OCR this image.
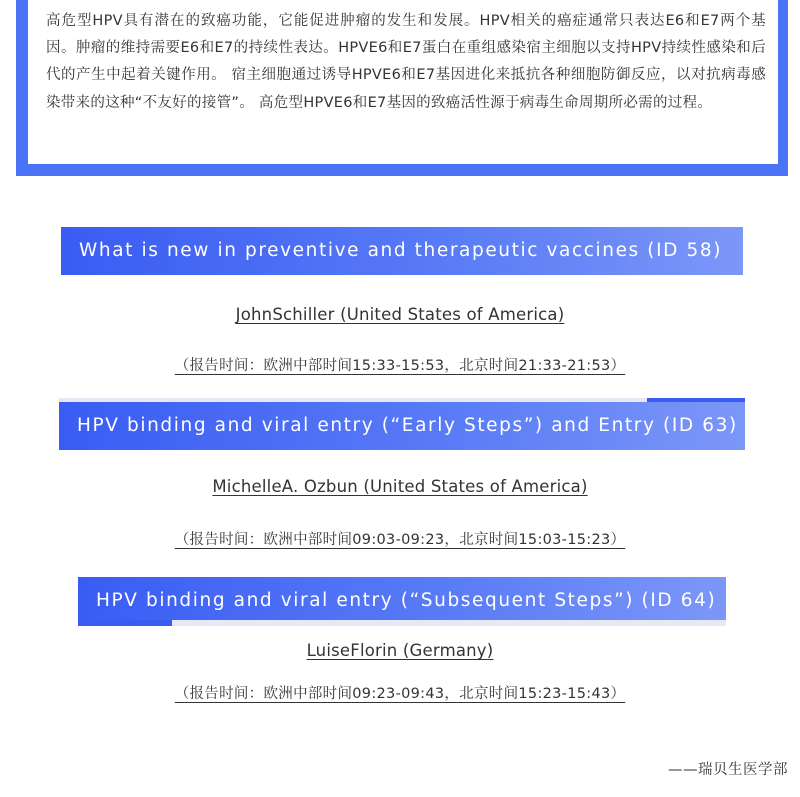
高危型HPV具有潜在的致癌功能，它能促进肿瘤的发生和发展。HPV相关的癌症通常只表达E6和E7两个基因。肿瘤的维持需要E6和E7的持续性表达。HPVE6和E7蛋白在重组感染宿主细胞以支持HPV持续性感染和后代的产生中起着关键作用。 宿主细胞通过诱导HPVE6和E7基因进化来抵抗各种细胞防御反应，以对抗病毒感染带来的这种“不友好的接管”。 高危型HPVE6和E7基因的致癌活性源于病毒生命周期所必需的过程。

What is new in preventive and therapeutic vaccines (ID 58)
JohnSchiller (United States of America)
（报告时间：欧洲中部时间15:33-15:53，北京时间21:33-21:53）
HPV binding and viral entry (“Early Steps”) and Entry (ID 63)
MichelleA. Ozbun (United States of America)
（报告时间：欧洲中部时间09:03-09:23，北京时间15:03-15:23）
HPV binding and viral entry (“Subsequent Steps”) (ID 64)
LuiseFlorin (Germany)
（报告时间：欧洲中部时间09:23-09:43，北京时间15:23-15:43）
——瑞贝生医学部
